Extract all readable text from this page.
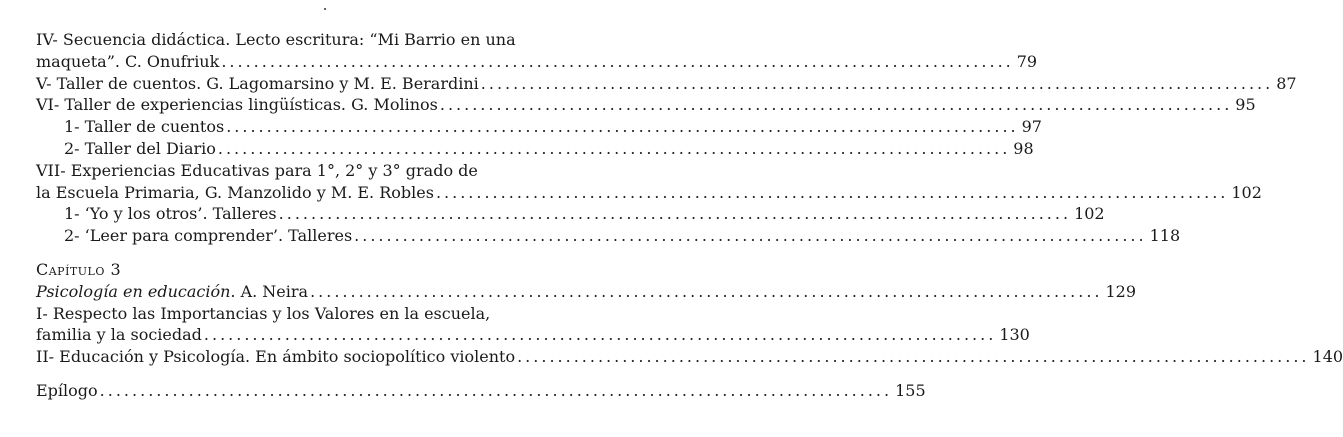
IV- Secuencia didáctica. Lecto escritura: “Mi Barrio en una
maqueta”. C. Onufriuk .................................................................................................. 79
V- Taller de cuentos. G. Lagomarsino y M. E. Berardini .................................................................................................. 87
VI- Taller de experiencias lingüísticas. G. Molinos .................................................................................................. 95
1- Taller de cuentos .................................................................................................. 97
2- Taller del Diario .................................................................................................. 98
VII- Experiencias Educativas para 1°, 2° y 3° grado de
la Escuela Primaria, G. Manzolido y M. E. Robles .................................................................................................. 102
1- ‘Yo y los otros’. Talleres .................................................................................................. 102
2- ‘Leer para comprender’. Talleres .................................................................................................. 118
Capítulo 3
Psicología en educación. A. Neira .................................................................................................. 129
I- Respecto las Importancias y los Valores en la escuela,
familia y la sociedad .................................................................................................. 130
II- Educación y Psicología. En ámbito sociopolítico violento .................................................................................................. 140
Epílogo .................................................................................................. 155
